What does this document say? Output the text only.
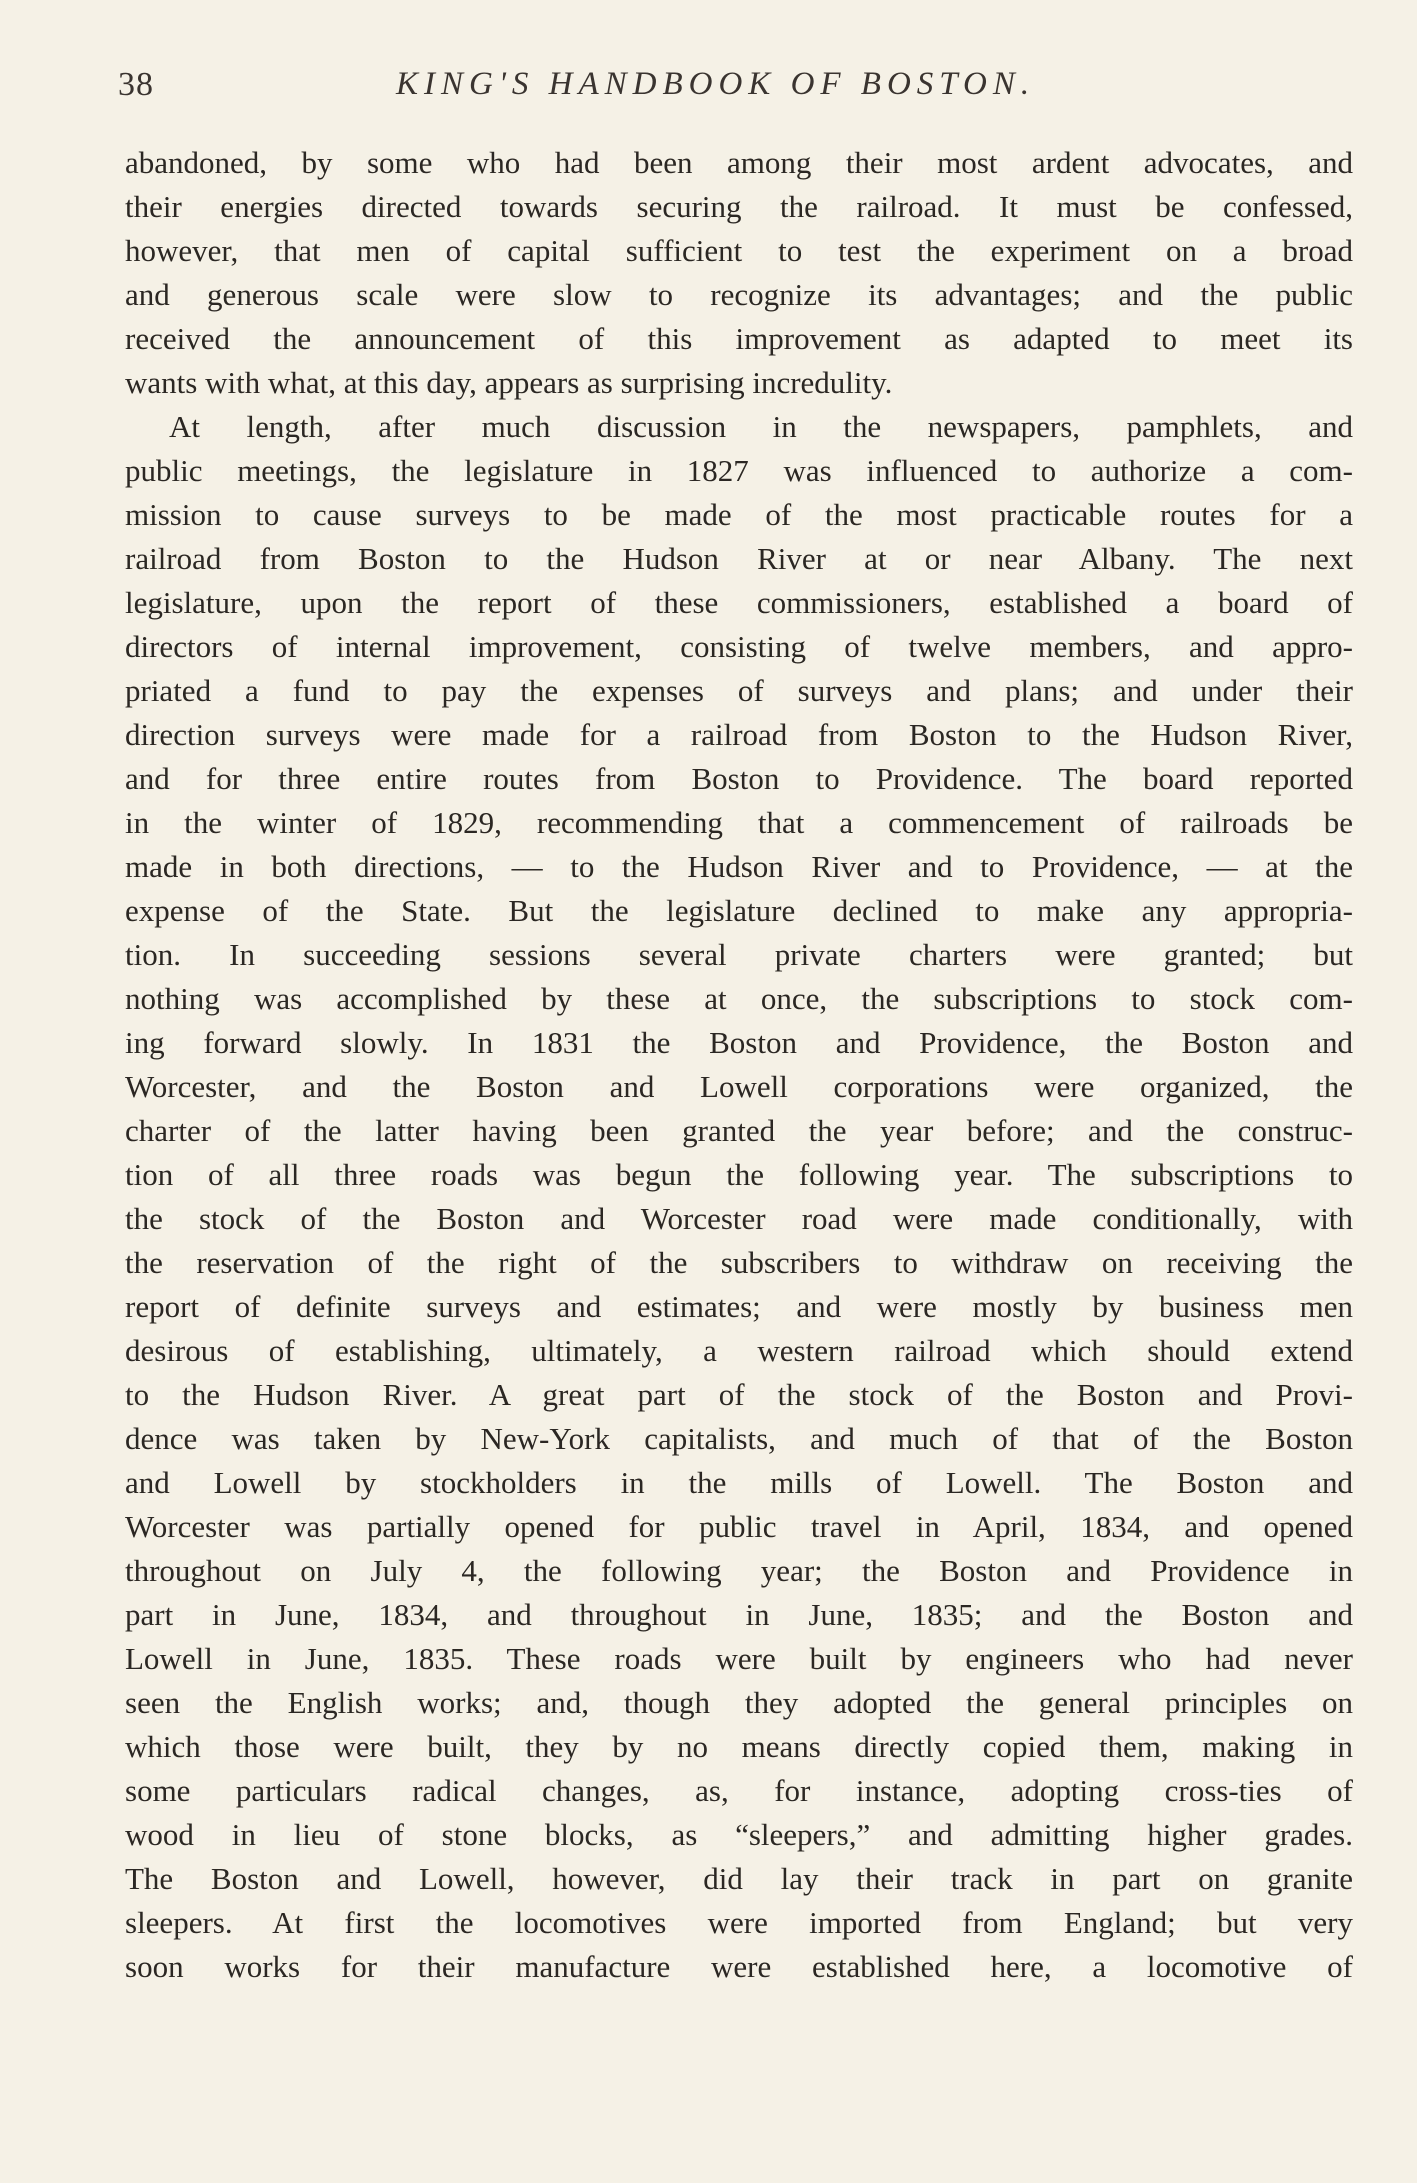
38	KING'S HANDBOOK OF BOSTON.
abandoned, by some who had been among their most ardent advocates, and
their energies directed towards securing the railroad. It must be confessed,
however, that men of capital sufficient to test the experiment on a broad
and generous scale were slow to recognize its advantages; and the public
received the announcement of this improvement as adapted to meet its
wants with what, at this day, appears as surprising incredulity.
At length, after much discussion in the newspapers, pamphlets, and
public meetings, the legislature in 1827 was influenced to authorize a com-
mission to cause surveys to be made of the most practicable routes for a
railroad from Boston to the Hudson River at or near Albany. The next
legislature, upon the report of these commissioners, established a board of
directors of internal improvement, consisting of twelve members, and appro-
priated a fund to pay the expenses of surveys and plans; and under their
direction surveys were made for a railroad from Boston to the Hudson River,
and for three entire routes from Boston to Providence. The board reported
in the winter of 1829, recommending that a commencement of railroads be
made in both directions, — to the Hudson River and to Providence, — at the
expense of the State. But the legislature declined to make any appropria-
tion. In succeeding sessions several private charters were granted; but
nothing was accomplished by these at once, the subscriptions to stock com-
ing forward slowly. In 1831 the Boston and Providence, the Boston and
Worcester, and the Boston and Lowell corporations were organized, the
charter of the latter having been granted the year before; and the construc-
tion of all three roads was begun the following year. The subscriptions to
the stock of the Boston and Worcester road were made conditionally, with
the reservation of the right of the subscribers to withdraw on receiving the
report of definite surveys and estimates; and were mostly by business men
desirous of establishing, ultimately, a western railroad which should extend
to the Hudson River. A great part of the stock of the Boston and Provi-
dence was taken by New-York capitalists, and much of that of the Boston
and Lowell by stockholders in the mills of Lowell. The Boston and
Worcester was partially opened for public travel in April, 1834, and opened
throughout on July 4, the following year; the Boston and Providence in
part in June, 1834, and throughout in June, 1835; and the Boston and
Lowell in June, 1835. These roads were built by engineers who had never
seen the English works; and, though they adopted the general principles on
which those were built, they by no means directly copied them, making in
some particulars radical changes, as, for instance, adopting cross-ties of
wood in lieu of stone blocks, as “sleepers,” and admitting higher grades.
The Boston and Lowell, however, did lay their track in part on granite
sleepers. At first the locomotives were imported from England; but very
soon works for their manufacture were established here, a locomotive of
